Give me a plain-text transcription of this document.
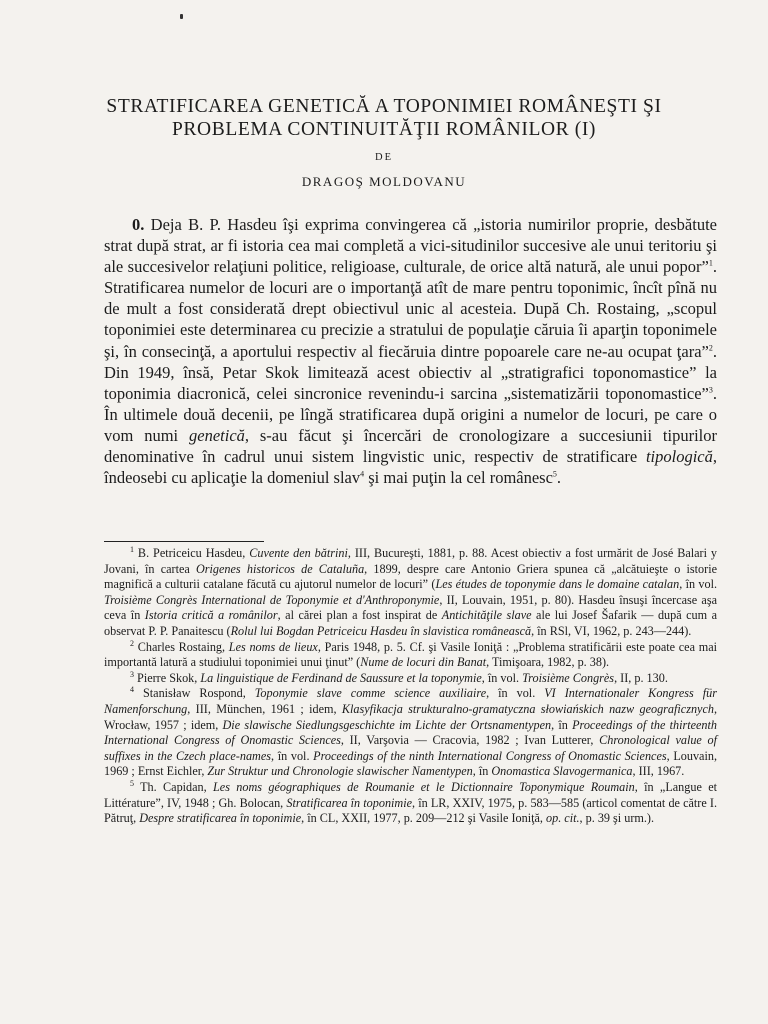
STRATIFICAREA GENETICĂ A TOPONIMIEI ROMÂNEŞTI ŞI
PROBLEMA CONTINUITĂŢII ROMÂNILOR (I)
DE
DRAGOŞ MOLDOVANU

0. Deja B. P. Hasdeu îşi exprima convingerea că „istoria numirilor proprie, desbătute strat după strat, ar fi istoria cea mai completă a vici-situdinilor succesive ale unui teritoriu şi ale succesivelor relaţiuni politice, religioase, culturale, de orice altă natură, ale unui popor”$^1$. Stratificarea numelor de locuri are o importanţă atît de mare pentru toponimic, încît pînă nu de mult a fost considerată drept obiectivul unic al acesteia. După Ch. Rostaing, „scopul toponimiei este determinarea cu precizie a stratului de populaţie căruia îi aparţin toponimele şi, în consecinţă, a aportului respectiv al fiecăruia dintre popoarele care ne-au ocupat ţara”$^2$. Din 1949, însă, Petar Skok limitează acest obiectiv al „stratigrafici toponomastice” la toponimia diacronică, celei sincronice revenindu-i sarcina „sistematizării toponomastice”$^3$. În ultimele două decenii, pe lîngă stratificarea după origini a numelor de locuri, pe care o vom numi genetică, s-au făcut şi încercări de cronologizare a succesiunii tipurilor denominative în cadrul unui sistem lingvistic unic, respectiv de stratificare tipologică, îndeosebi cu aplicaţie la domeniul slav$^4$ şi mai puţin la cel românesc$^5$.

$^1$ B. Petricеicu Hasdeu, Cuvente den bătrini, III, Bucureşti, 1881, p. 88. Acest obiectiv a fost urmărit de José Balari y Jovani, în cartea Origenes historicos de Cataluña, 1899, despre care Antonio Griera spunea că „alcătuieşte o istorie magnifică a culturii catalane făcută cu ajutorul numelor de locuri” (Les études de toponymie dans le domaine catalan, în vol. Troisième Congrès International de Toponymie et d'Anthroponymie, II, Louvain, 1951, p. 80). Hasdeu însuşi încercase aşa ceva în Istoria critică a românilor, al cărei plan a fost inspirat de Antichităţile slave ale lui Josef Šafarik — după cum a observat P. P. Panaitescu (Rolul lui Bogdan Petriceicu Hasdeu în slavistica românească, în RSl, VI, 1962, p. 243—244).

$^2$ Charles Rostaing, Les noms de lieux, Paris 1948, p. 5. Cf. şi Vasile Ioniţă : „Problema stratificării este poate cea mai importantă latură a studiului toponimiei unui ţinut” (Nume de locuri din Banat, Timişoara, 1982, p. 38).

$^3$ Pierre Skok, La linguistique de Ferdinand de Saussure et la toponymie, în vol. Troisième Congrès, II, p. 130.

$^4$ Stanisław Rospond, Toponymie slave comme science auxiliaire, în vol. VI Internationaler Kongress für Namenforschung, III, München, 1961 ; idem, Klasyfikacja strukturalno-gramatyczna słowiańskich nazw geograficznych, Wrocław, 1957 ; idem, Die slawische Siedlungsgeschichte im Lichte der Ortsnamentypen, în Proceedings of the thirteenth International Congress of Onomastic Sciences, II, Varşovia — Cracovia, 1982 ; Ivan Lutterer, Chronological value of suffixes in the Czech place-names, în vol. Proceedings of the ninth International Congress of Onomastic Sciences, Louvain, 1969 ; Ernst Eichler, Zur Struktur und Chronologie slawischer Namentypen, în Onomastica Slavogermanica, III, 1967.

$^5$ Th. Capidan, Les noms géographiques de Roumanie et le Dictionnaire Toponymique Roumain, în „Langue et Littérature”, IV, 1948 ; Gh. Bolocan, Stratificarea în toponimie, în LR, XXIV, 1975, p. 583—585 (articol comentat de către I. Pătruţ, Despre stratificarea în toponimie, în CL, XXII, 1977, p. 209—212 şi Vasile Ioniţă, op. cit., p. 39 şi urm.).
